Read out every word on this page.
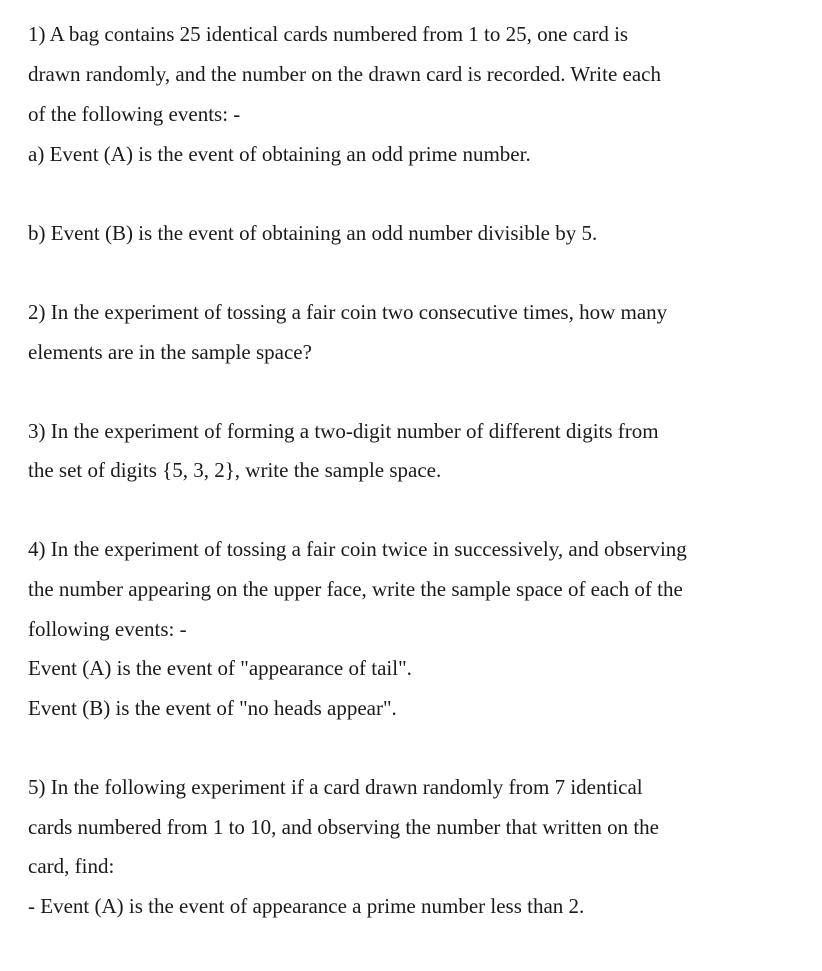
1) A bag contains 25 identical cards numbered from 1 to 25, one card is
drawn randomly, and the number on the drawn card is recorded. Write each
of the following events: -
a) Event (A) is the event of obtaining an odd prime number.
b) Event (B) is the event of obtaining an odd number divisible by 5.
2) In the experiment of tossing a fair coin two consecutive times, how many
elements are in the sample space?
3) In the experiment of forming a two-digit number of different digits from
the set of digits {5, 3, 2}, write the sample space.
4) In the experiment of tossing a fair coin twice in successively, and observing
the number appearing on the upper face, write the sample space of each of the
following events: -
Event (A) is the event of "appearance of tail".
Event (B) is the event of "no heads appear".
5) In the following experiment if a card drawn randomly from 7 identical
cards numbered from 1 to 10, and observing the number that written on the
card, find:
- Event (A) is the event of appearance a prime number less than 2.
